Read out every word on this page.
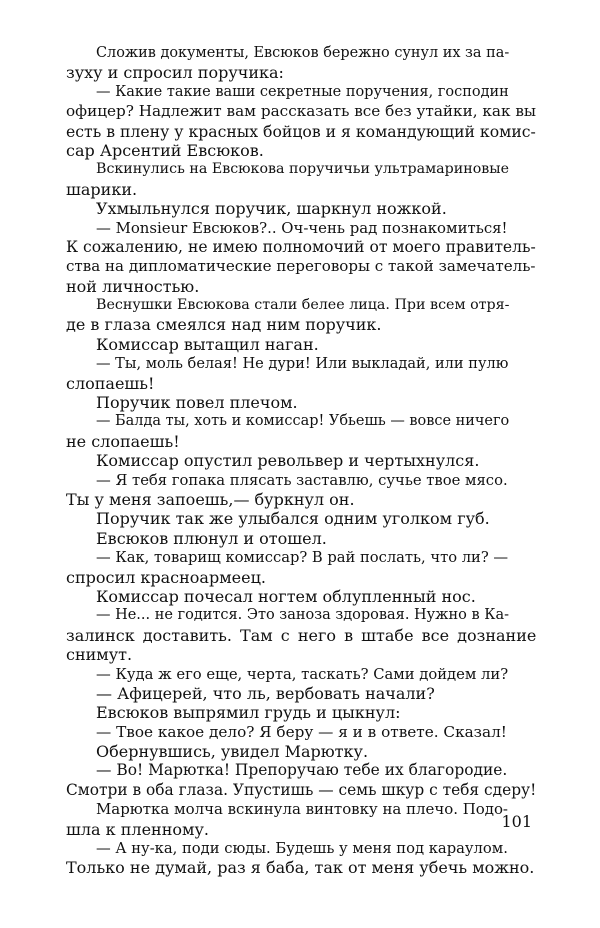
Сложив документы, Евсюков бережно сунул их за па-
зуху и спросил поручика:
— Какие такие ваши секретные поручения, господин
офицер? Надлежит вам рассказать все без утайки, как вы
есть в плену у красных бойцов и я командующий комис-
сар Арсентий Евсюков.
Вскинулись на Евсюкова поручичьи ультрамариновые
шарики.
Ухмыльнулся поручик, шаркнул ножкой.
— Monsieur Евсюков?.. Оч-чень рад познакомиться!
К сожалению, не имею полномочий от моего правитель-
ства на дипломатические переговоры с такой замечатель-
ной личностью.
Веснушки Евсюкова стали белее лица. При всем отря-
де в глаза смеялся над ним поручик.
Комиссар вытащил наган.
— Ты, моль белая! Не дури! Или выкладай, или пулю
слопаешь!
Поручик повел плечом.
— Балда ты, хоть и комиссар! Убьешь — вовсе ничего
не слопаешь!
Комиссар опустил револьвер и чертыхнулся.
— Я тебя гопака плясать заставлю, сучье твое мясо.
Ты у меня запоешь,— буркнул он.
Поручик так же улыбался одним уголком губ.
Евсюков плюнул и отошел.
— Как, товарищ комиссар? В рай послать, что ли? —
спросил красноармеец.
Комиссар почесал ногтем облупленный нос.
— Не... не годится. Это заноза здоровая. Нужно в Ка-
залинск доставить. Там с него в штабе все дознание
снимут.
— Куда ж его еще, черта, таскать? Сами дойдем ли?
— Афицерей, что ль, вербовать начали?
Евсюков выпрямил грудь и цыкнул:
— Твое какое дело? Я беру — я и в ответе. Сказал!
Обернувшись, увидел Марютку.
— Во! Марютка! Препоручаю тебе их благородие.
Смотри в оба глаза. Упустишь — семь шкур с тебя сдеру!
Марютка молча вскинула винтовку на плечо. Подо-
шла к пленному.
— А ну-ка, поди сюды. Будешь у меня под караулом.
Только не думай, раз я баба, так от меня убечь можно.
101
